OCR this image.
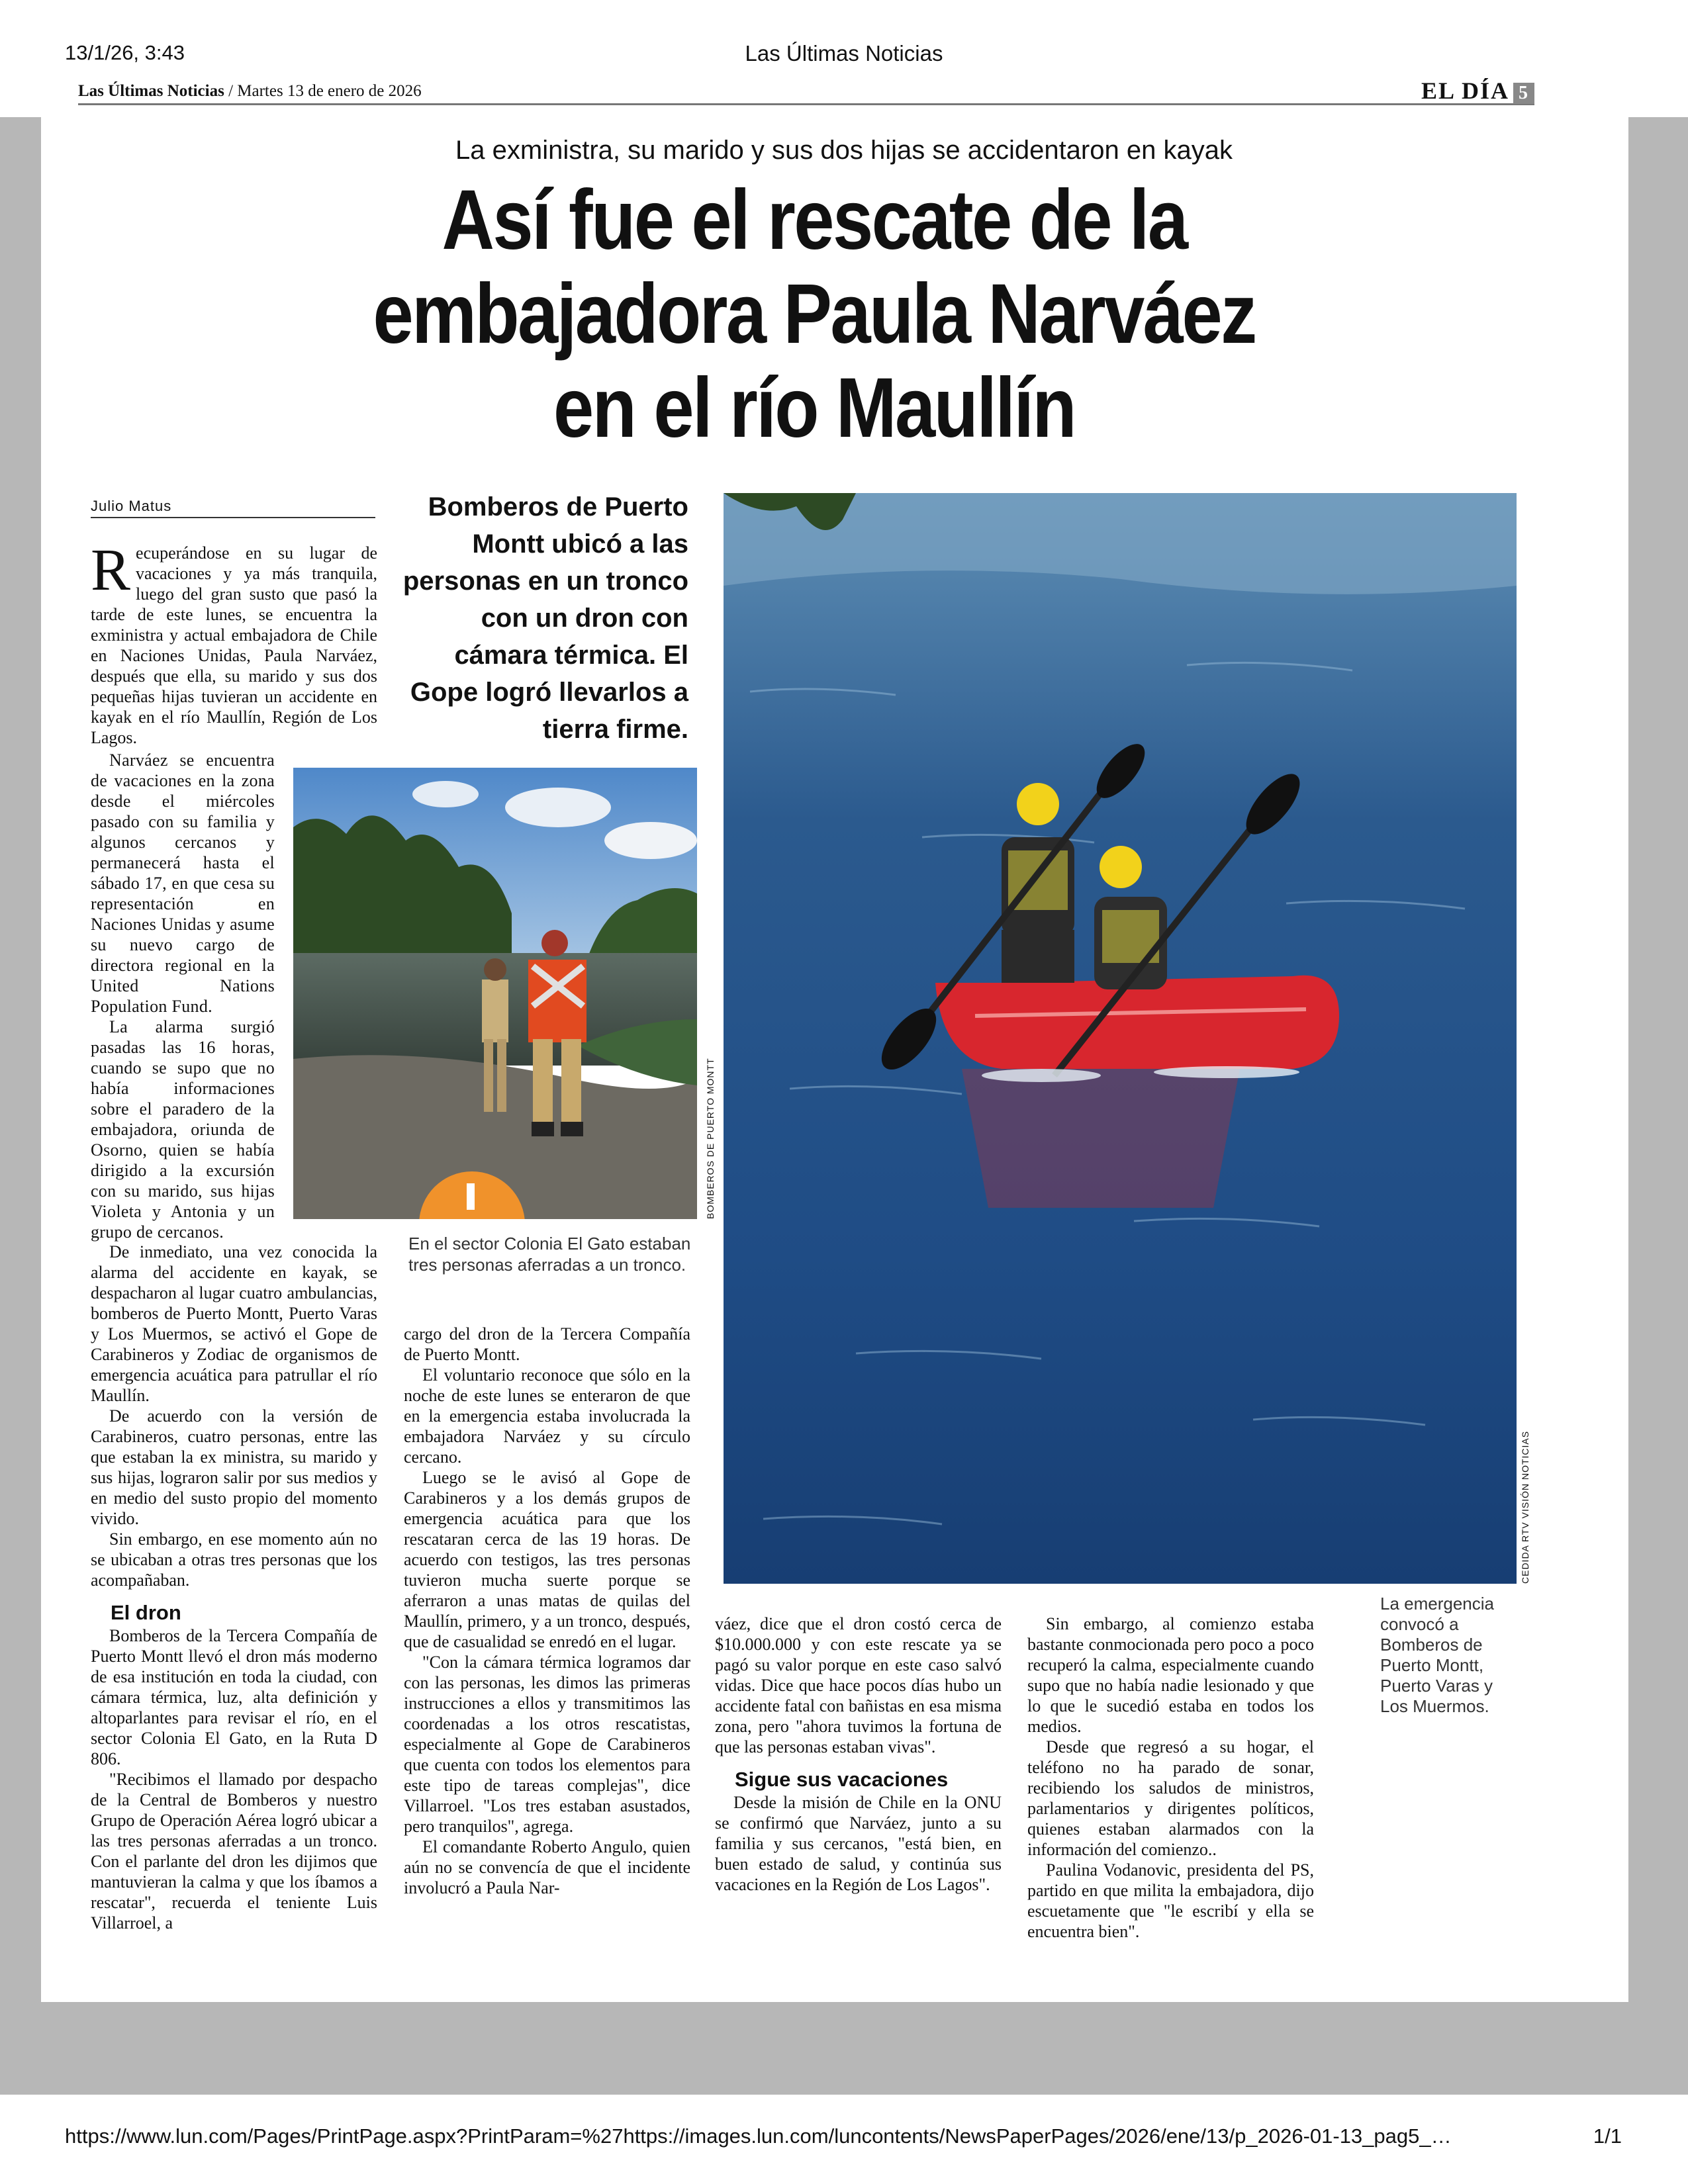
13/1/26, 3:43	Las Últimas Noticias
Las Últimas Noticias / Martes 13 de enero de 2026	EL DÍA 5
La exministra, su marido y sus dos hijas se accidentaron en kayak
Así fue el rescate de la
embajadora Paula Narváez
en el río Maullín
Julio Matus	Bomberos de Puerto Montt ubicó a las personas en un tronco con un dron con cámara térmica. El Gope logró llevarlos a tierra firme.

Recuperándose en su lugar de vacaciones y ya más tranquila, luego del gran susto que pasó la tarde de este lunes, se encuentra la exministra y actual embajadora de Chile en Naciones Unidas, Paula Narváez, después que ella, su marido y sus dos pequeñas hijas tuvieran un accidente en kayak en el río Maullín, Región de Los Lagos.

Narváez se encuentra de vacaciones en la zona desde el miércoles pasado con su familia y algunos cercanos y permanecerá hasta el sábado 17, en que cesa su representación en Naciones Unidas y asume su nuevo cargo de directora regional en la United Nations Population Fund.

La alarma surgió pasadas las 16 horas, cuando se supo que no había informaciones sobre el paradero de la embajadora, oriunda de Osorno, quien se había dirigido a la excursión con su marido, sus hijas Violeta y Antonia y un grupo de cercanos.

De inmediato, una vez conocida la alarma del accidente en kayak, se despacharon al lugar cuatro ambulancias, bomberos de Puerto Montt, Puerto Varas y Los Muermos, se activó el Gope de Carabineros y Zodiac de organismos de emergencia acuática para patrullar el río Maullín.

De acuerdo con la versión de Carabineros, cuatro personas, entre las que estaban la ex ministra, su marido y sus hijas, lograron salir por sus medios y en medio del susto propio del momento vivido.

Sin embargo, en ese momento aún no se ubicaban a otras tres personas que los acompañaban.

El dron

Bomberos de la Tercera Compañía de Puerto Montt llevó el dron más moderno de esa institución en toda la ciudad, con cámara térmica, luz, alta definición y altoparlantes para revisar el río, en el sector Colonia El Gato, en la Ruta D 806.

"Recibimos el llamado por despacho de la Central de Bomberos y nuestro Grupo de Operación Aérea logró ubicar a las tres personas aferradas a un tronco. Con el parlante del dron les dijimos que mantuvieran la calma y que los íbamos a rescatar", recuerda el teniente Luis Villarroel, a

cargo del dron de la Tercera Compañía de Puerto Montt.

El voluntario reconoce que sólo en la noche de este lunes se enteraron de que en la emergencia estaba involucrada la embajadora Narváez y su círculo cercano.

Luego se le avisó al Gope de Carabineros y a los demás grupos de emergencia acuática para que los rescataran cerca de las 19 horas. De acuerdo con testigos, las tres personas tuvieron mucha suerte porque se aferraron a unas matas de quilas del Maullín, primero, y a un tronco, después, que de casualidad se enredó en el lugar.

"Con la cámara térmica logramos dar con las personas, les dimos las primeras instrucciones a ellos y transmitimos las coordenadas a los otros rescatistas, especialmente al Gope de Carabineros que cuenta con todos los elementos para este tipo de tareas complejas", dice Villarroel. "Los tres estaban asustados, pero tranquilos", agrega.

El comandante Roberto Angulo, quien aún no se convencía de que el incidente involucró a Paula Nar-

váez, dice que el dron costó cerca de $10.000.000 y con este rescate ya se pagó su valor porque en este caso salvó vidas. Dice que hace pocos días hubo un accidente fatal con bañistas en esa misma zona, pero "ahora tuvimos la fortuna de que las personas estaban vivas".

Sigue sus vacaciones

Desde la misión de Chile en la ONU se confirmó que Narváez, junto a su familia y sus cercanos, "está bien, en buen estado de salud, y continúa sus vacaciones en la Región de Los Lagos".

Sin embargo, al comienzo estaba bastante conmocionada pero poco a poco recuperó la calma, especialmente cuando supo que no había nadie lesionado y que lo que le sucedió estaba en todos los medios.

Desde que regresó a su hogar, el teléfono no ha parado de sonar, recibiendo los saludos de ministros, parlamentarios y dirigentes políticos, quienes estaban alarmados con la información del comienzo..

Paulina Vodanovic, presidenta del PS, partido en que milita la embajadora, dijo escuetamente que "le escribí y ella se encuentra bien".

BOMBEROS DE PUERTO MONTT
En el sector Colonia El Gato estaban tres personas aferradas a un tronco.
CEDIDA RTV VISIÓN NOTICIAS
La emergencia convocó a Bomberos de Puerto Montt, Puerto Varas y Los Muermos.
https://www.lun.com/Pages/PrintPage.aspx?PrintParam=%27https://images.lun.com/luncontents/NewsPaperPages/2026/ene/13/p_2026-01-13_pag5_…	1/1
